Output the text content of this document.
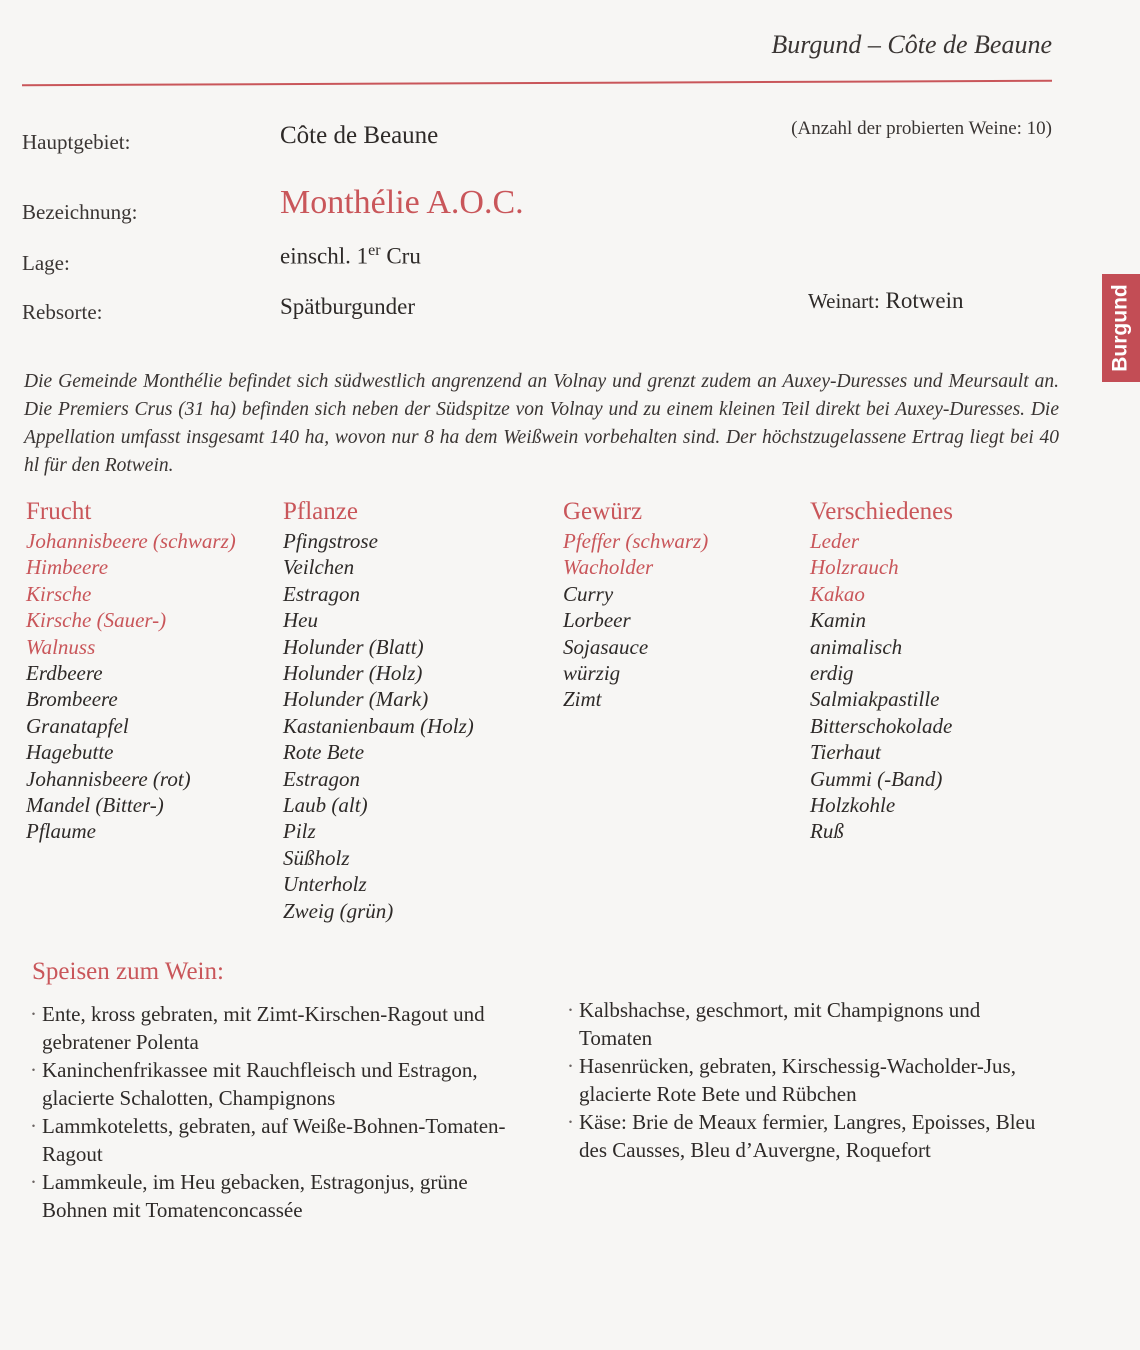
Burgund – Côte de Beaune
Burgund
Hauptgebiet:	Côte de Beaune	(Anzahl der probierten Weine: 10)
Bezeichnung:	Monthélie A.O.C.
Lage:	einschl. 1er Cru
Rebsorte:	Spätburgunder	Weinart: Rotwein

Die Gemeinde Monthélie befindet sich südwestlich angrenzend an Volnay und grenzt zudem an Auxey-Duresses und Meursault an. Die Premiers Crus (31 ha) befinden sich neben der Südspitze von Volnay und zu einem kleinen Teil direkt bei Auxey-Duresses. Die Appellation umfasst insgesamt 140 ha, wovon nur 8 ha dem Weißwein vorbehalten sind. Der höchstzugelassene Ertrag liegt bei 40 hl für den Rotwein.

Frucht
Johannisbeere (schwarz)
Himbeere
Kirsche
Kirsche (Sauer-)
Walnuss
Erdbeere
Brombeere
Granatapfel
Hagebutte
Johannisbeere (rot)
Mandel (Bitter-)
Pflaume
Pflanze
Pfingstrose
Veilchen
Estragon
Heu
Holunder (Blatt)
Holunder (Holz)
Holunder (Mark)
Kastanienbaum (Holz)
Rote Bete
Estragon
Laub (alt)
Pilz
Süßholz
Unterholz
Zweig (grün)
Gewürz
Pfeffer (schwarz)
Wacholder
Curry
Lorbeer
Sojasauce
würzig
Zimt
Verschiedenes
Leder
Holzrauch
Kakao
Kamin
animalisch
erdig
Salmiakpastille
Bitterschokolade
Tierhaut
Gummi (-Band)
Holzkohle
Ruß
Speisen zum Wein:
· Ente, kross gebraten, mit Zimt-Kirschen-Ragout und gebratener Polenta
· Kaninchenfrikassee mit Rauchfleisch und Estragon, glacierte Schalotten, Champignons
· Lammkoteletts, gebraten, auf Weiße-Bohnen-Tomaten-Ragout
· Lammkeule, im Heu gebacken, Estragonjus, grüne Bohnen mit Tomatenconcassée
· Kalbshachse, geschmort, mit Champignons und Tomaten
· Hasenrücken, gebraten, Kirschessig-Wacholder-Jus, glacierte Rote Bete und Rübchen
· Käse: Brie de Meaux fermier, Langres, Epoisses, Bleu des Causses, Bleu d’Auvergne, Roquefort
